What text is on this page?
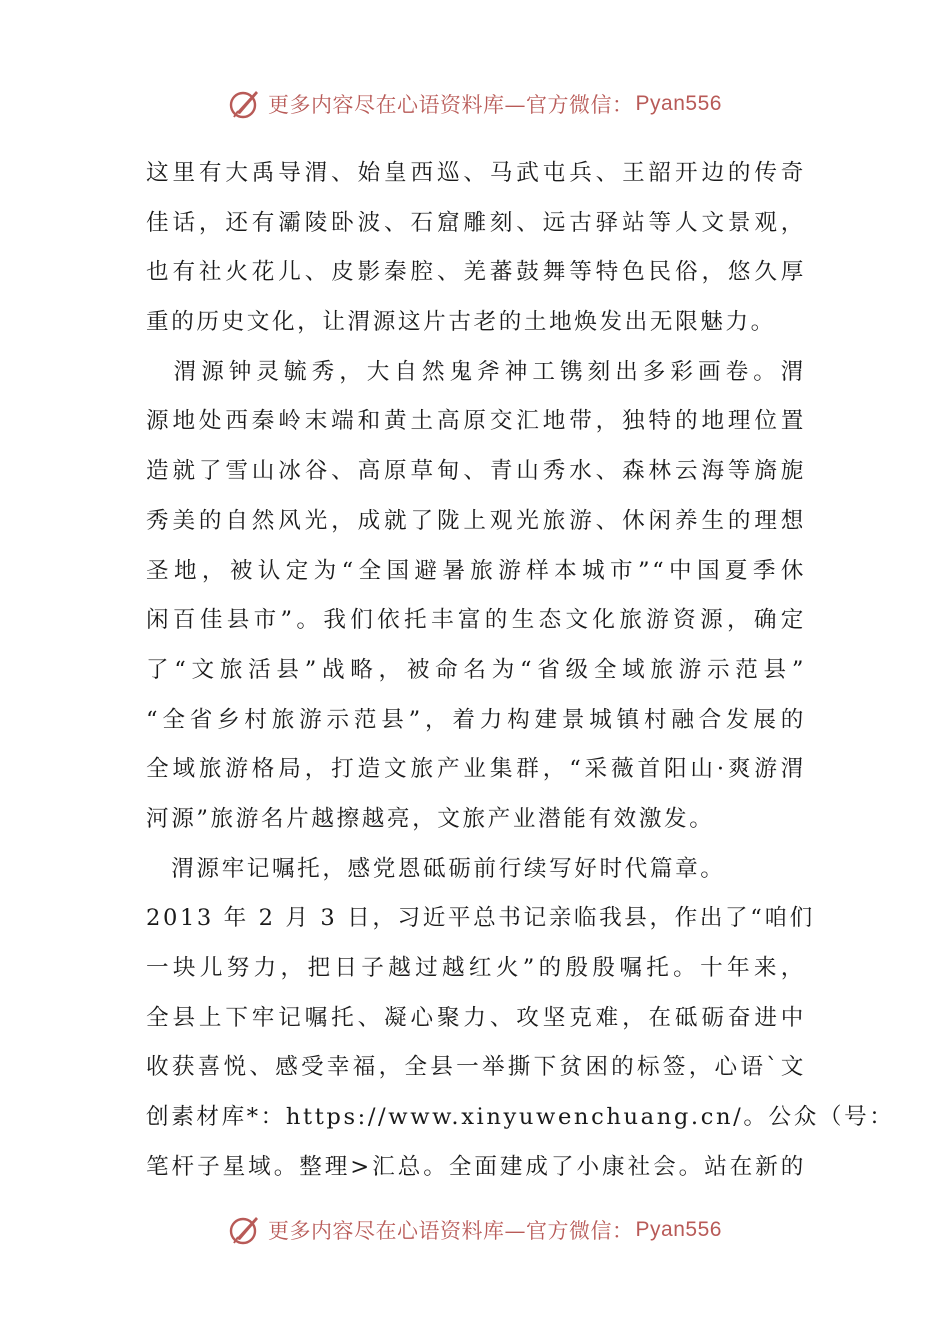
更多内容尽在心语资料库—官方微信： Pyan556
这里有大禹导渭、始皇西巡、马武屯兵、王韶开边的传奇
佳话，还有灞陵卧波、石窟雕刻、远古驿站等人文景观，
也有社火花儿、皮影秦腔、羌蕃鼓舞等特色民俗，悠久厚
重的历史文化，让渭源这片古老的土地焕发出无限魅力。
　渭源钟灵毓秀，大自然鬼斧神工镌刻出多彩画卷。渭
源地处西秦岭末端和黄土高原交汇地带，独特的地理位置
造就了雪山冰谷、高原草甸、青山秀水、森林云海等旖旎
秀美的自然风光，成就了陇上观光旅游、休闲养生的理想
圣地，被认定为“全国避暑旅游样本城市”“中国夏季休
闲百佳县市”。我们依托丰富的生态文化旅游资源，确定
了“文旅活县”战略，被命名为“省级全域旅游示范县”
“全省乡村旅游示范县”，着力构建景城镇村融合发展的
全域旅游格局，打造文旅产业集群，“采薇首阳山·爽游渭
河源”旅游名片越擦越亮，文旅产业潜能有效激发。
　渭源牢记嘱托，感党恩砥砺前行续写好时代篇章。
2013 年 2 月 3 日，习近平总书记亲临我县，作出了“咱们
一块儿努力，把日子越过越红火”的殷殷嘱托。十年来，
全县上下牢记嘱托、凝心聚力、攻坚克难，在砥砺奋进中
收获喜悦、感受幸福，全县一举撕下贫困的标签，心语`文
创素材库*：https://www.xinyuwenchuang.cn/。公众（号：
笔杆子星域。整理>汇总。全面建成了小康社会。站在新的
更多内容尽在心语资料库—官方微信： Pyan556
